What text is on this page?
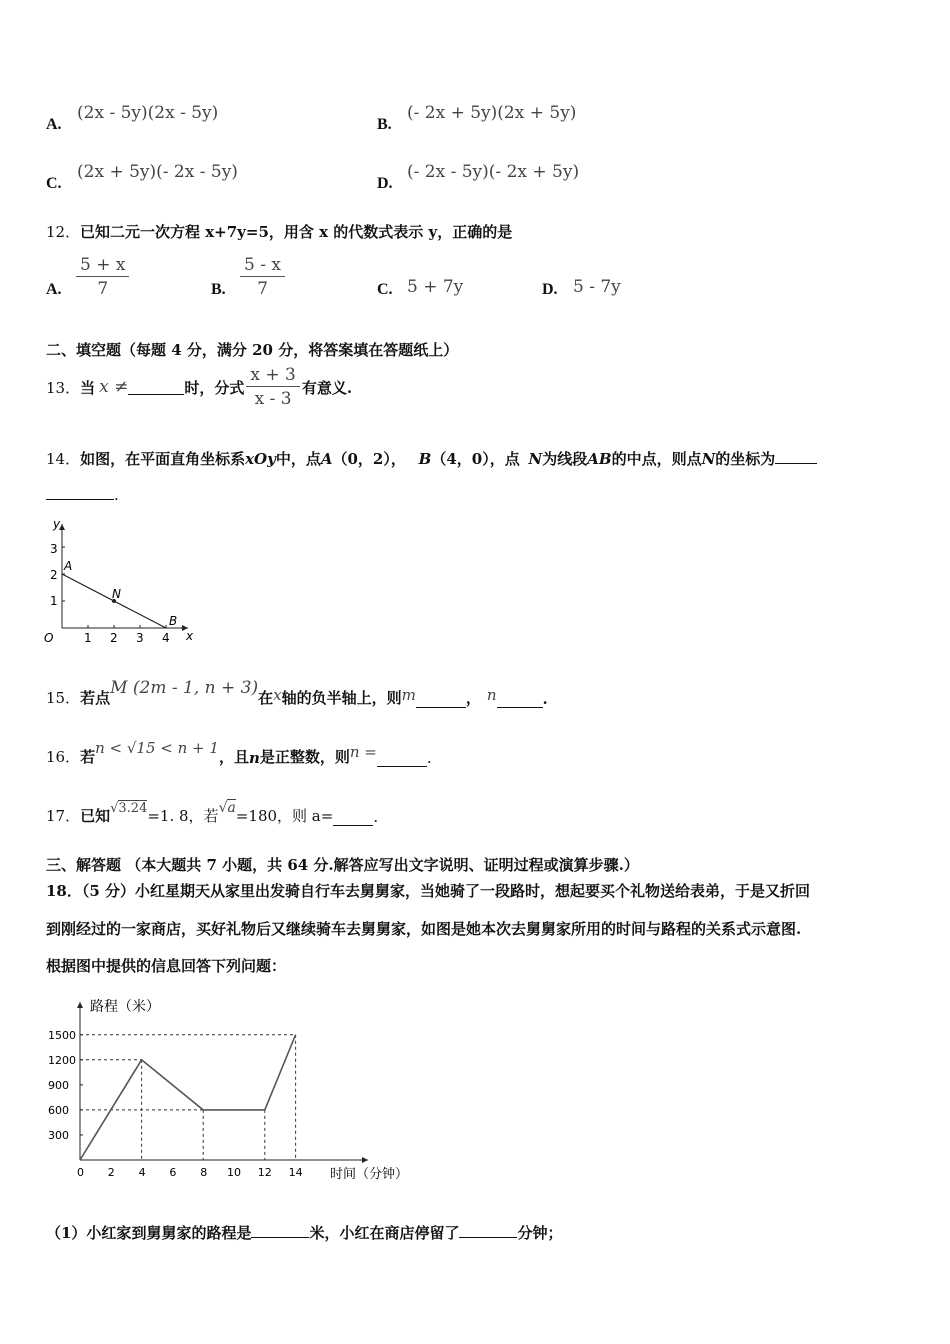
A.
(2x - 5y)(2x - 5y)
B.
(- 2x + 5y)(2x + 5y)
C.
(2x + 5y)(- 2x - 5y)
D.
(- 2x - 5y)(- 2x + 5y)
12． 已知二元一次方程 x+7y=5，用含 x 的代数式表示 y，正确的是
A. $\frac{5 + x}{7}$	B. $\frac{5 - x}{7}$	C. 5 + 7y	D. 5 - 7y
二、填空题（每题 4 分，满分 20 分，将答案填在答题纸上）
13． 当 x ≠	时，分式 $\frac{x + 3}{x - 3}$ 有意义.
14．如图，在平面直角坐标系xOy中，点A（0，2）， B（4，0），点 N为线段AB的中点，则点N的坐标为
.
y
x
O
A
N
B
1
2
3
1 2 3 4
15． 若点 M (2m - 1, n + 3) 在 x 轴的负半轴上，则 m	， n	.
16． 若 n < √15 < n + 1 ，且 n 是正整数，则 n =	.
17． 已知 √3.24 =1. 8，若 √a =180，则 a=	.
三、解答题 （本大题共 7 小题，共 64 分.解答应写出文字说明、证明过程或演算步骤.）
18．（5 分）小红星期天从家里出发骑自行车去舅舅家，当她骑了一段路时，想起要买个礼物送给表弟，于是又折回
到刚经过的一家商店，买好礼物后又继续骑车去舅舅家，如图是她本次去舅舅家所用的时间与路程的关系式示意图.
根据图中提供的信息回答下列问题：
路程（米）
时间（分钟）
0 2 4 6 8 10 12 14
300
600
900
1200
1500
（1）小红家到舅舅家的路程是	米，小红在商店停留了	分钟；
